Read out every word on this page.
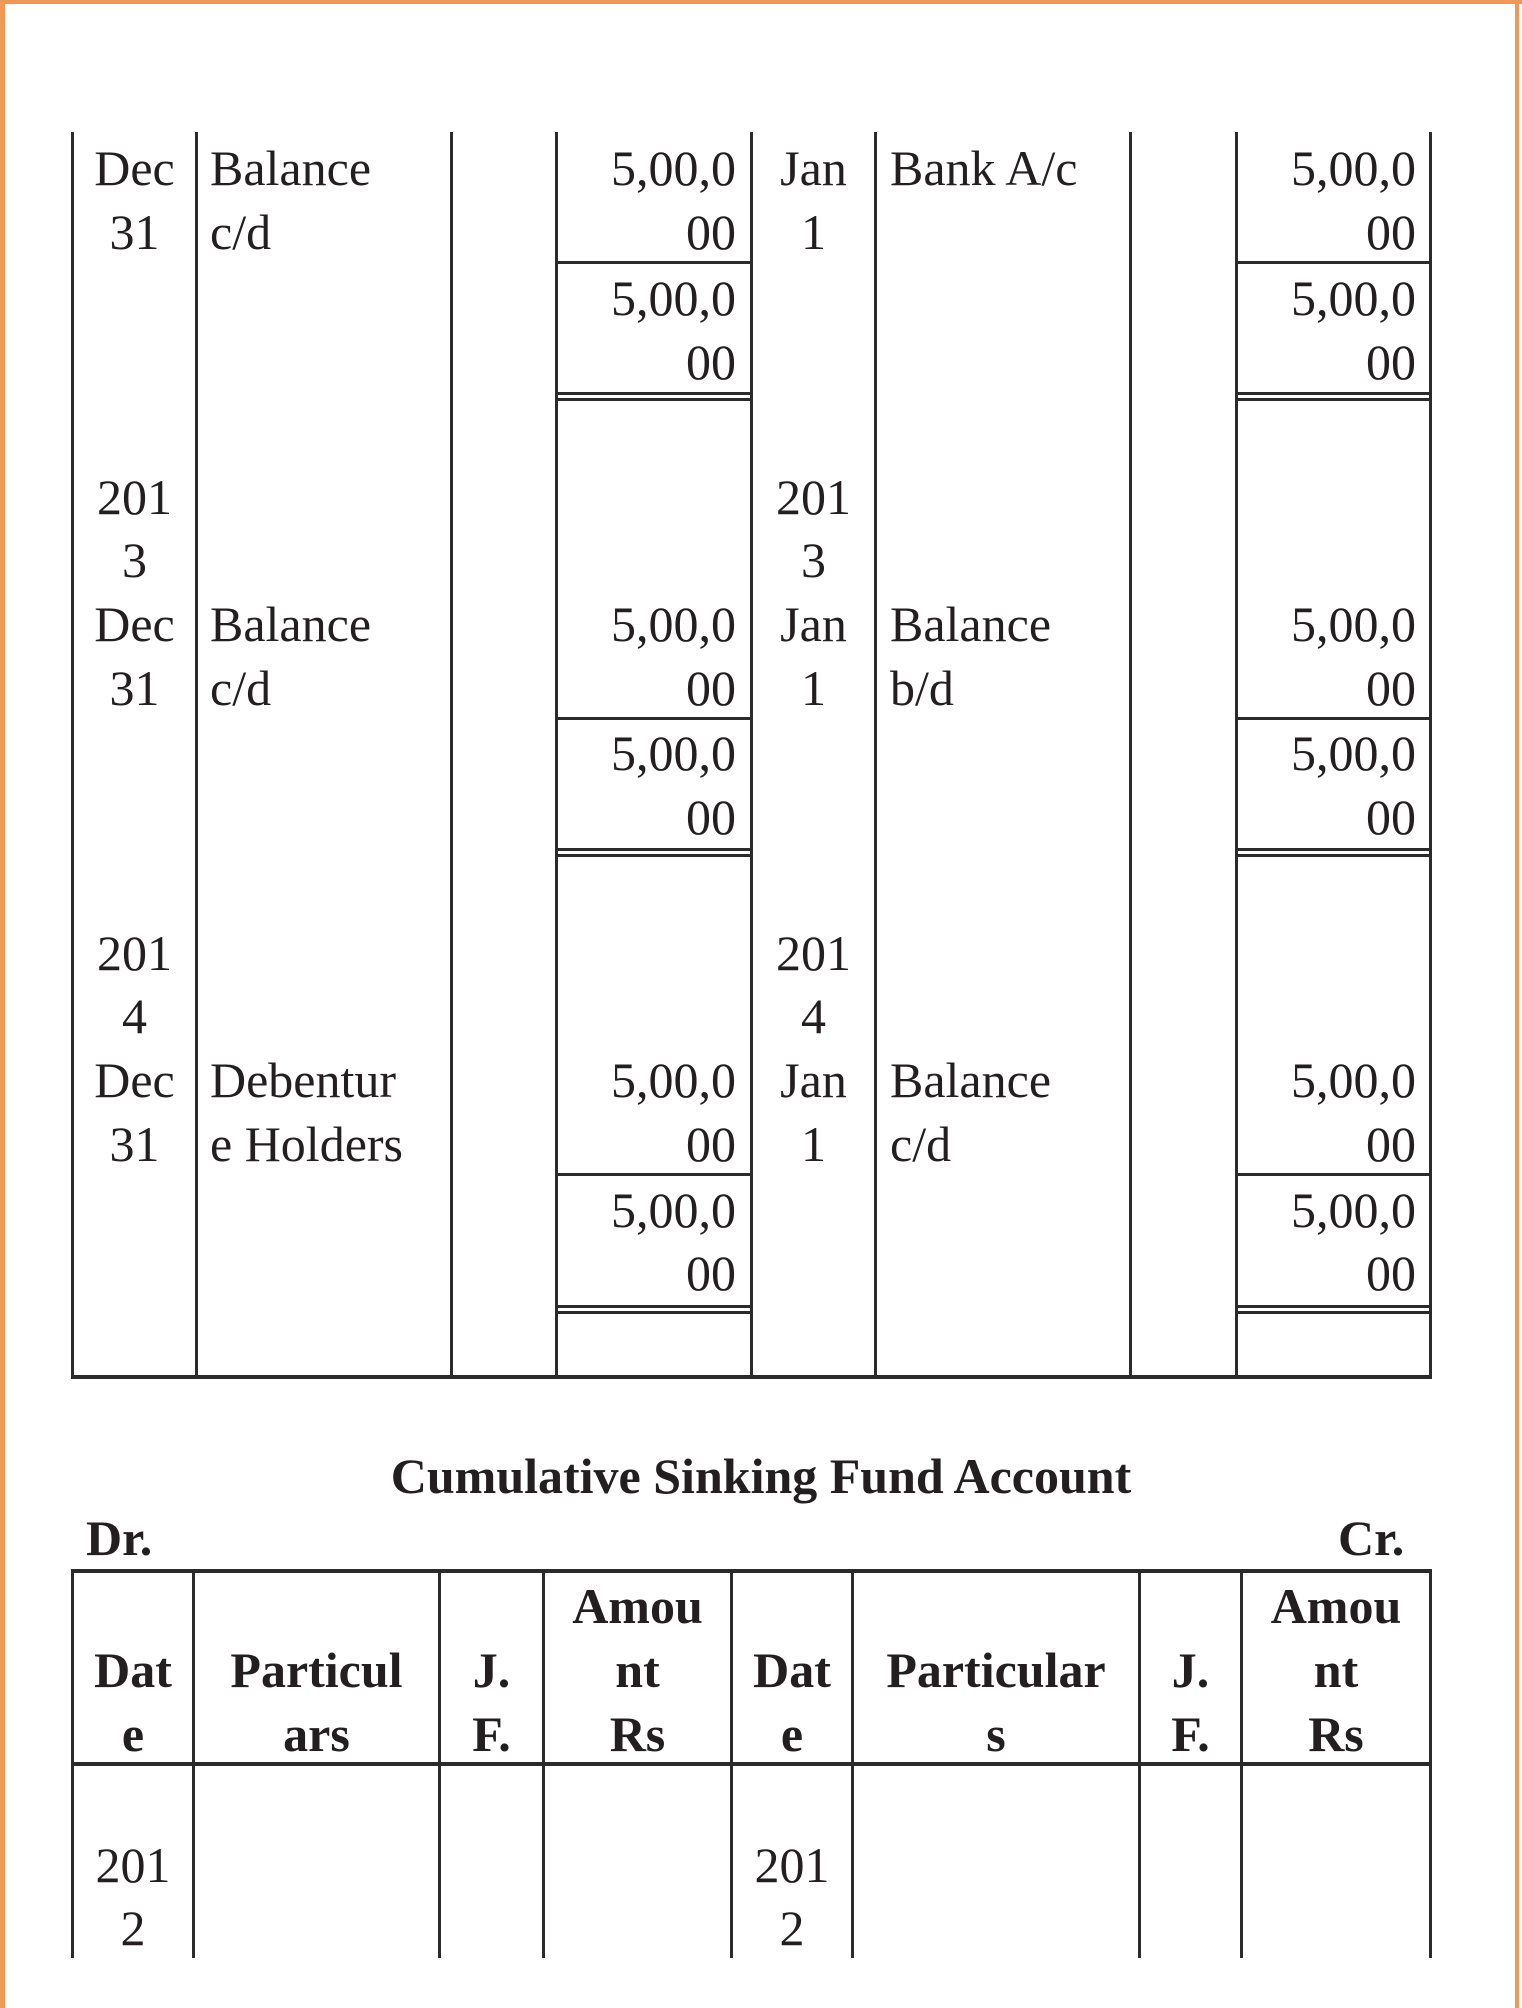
Dec
31
Balance
c/d
5,00,0
00
5,00,0
00
201
3
Dec
31
Balance
c/d
5,00,0
00
5,00,0
00
201
4
Dec
31
Debentur
e Holders
5,00,0
00
5,00,0
00
Jan
1
Bank A/c	5,00,0
00
5,00,0
00
201
3
Jan
1
Balance
b/d
5,00,0
00
5,00,0
00
201
4
Jan
1
Balance
c/d
5,00,0
00
5,00,0
00
Cumulative Sinking Fund Account
Dr.	Cr.
Dat
e
Particul
ars
J.
F.
Amou
nt
Rs
Dat
e
Particular
s
J.
F.
Amou
nt
Rs
201
2
201
2
